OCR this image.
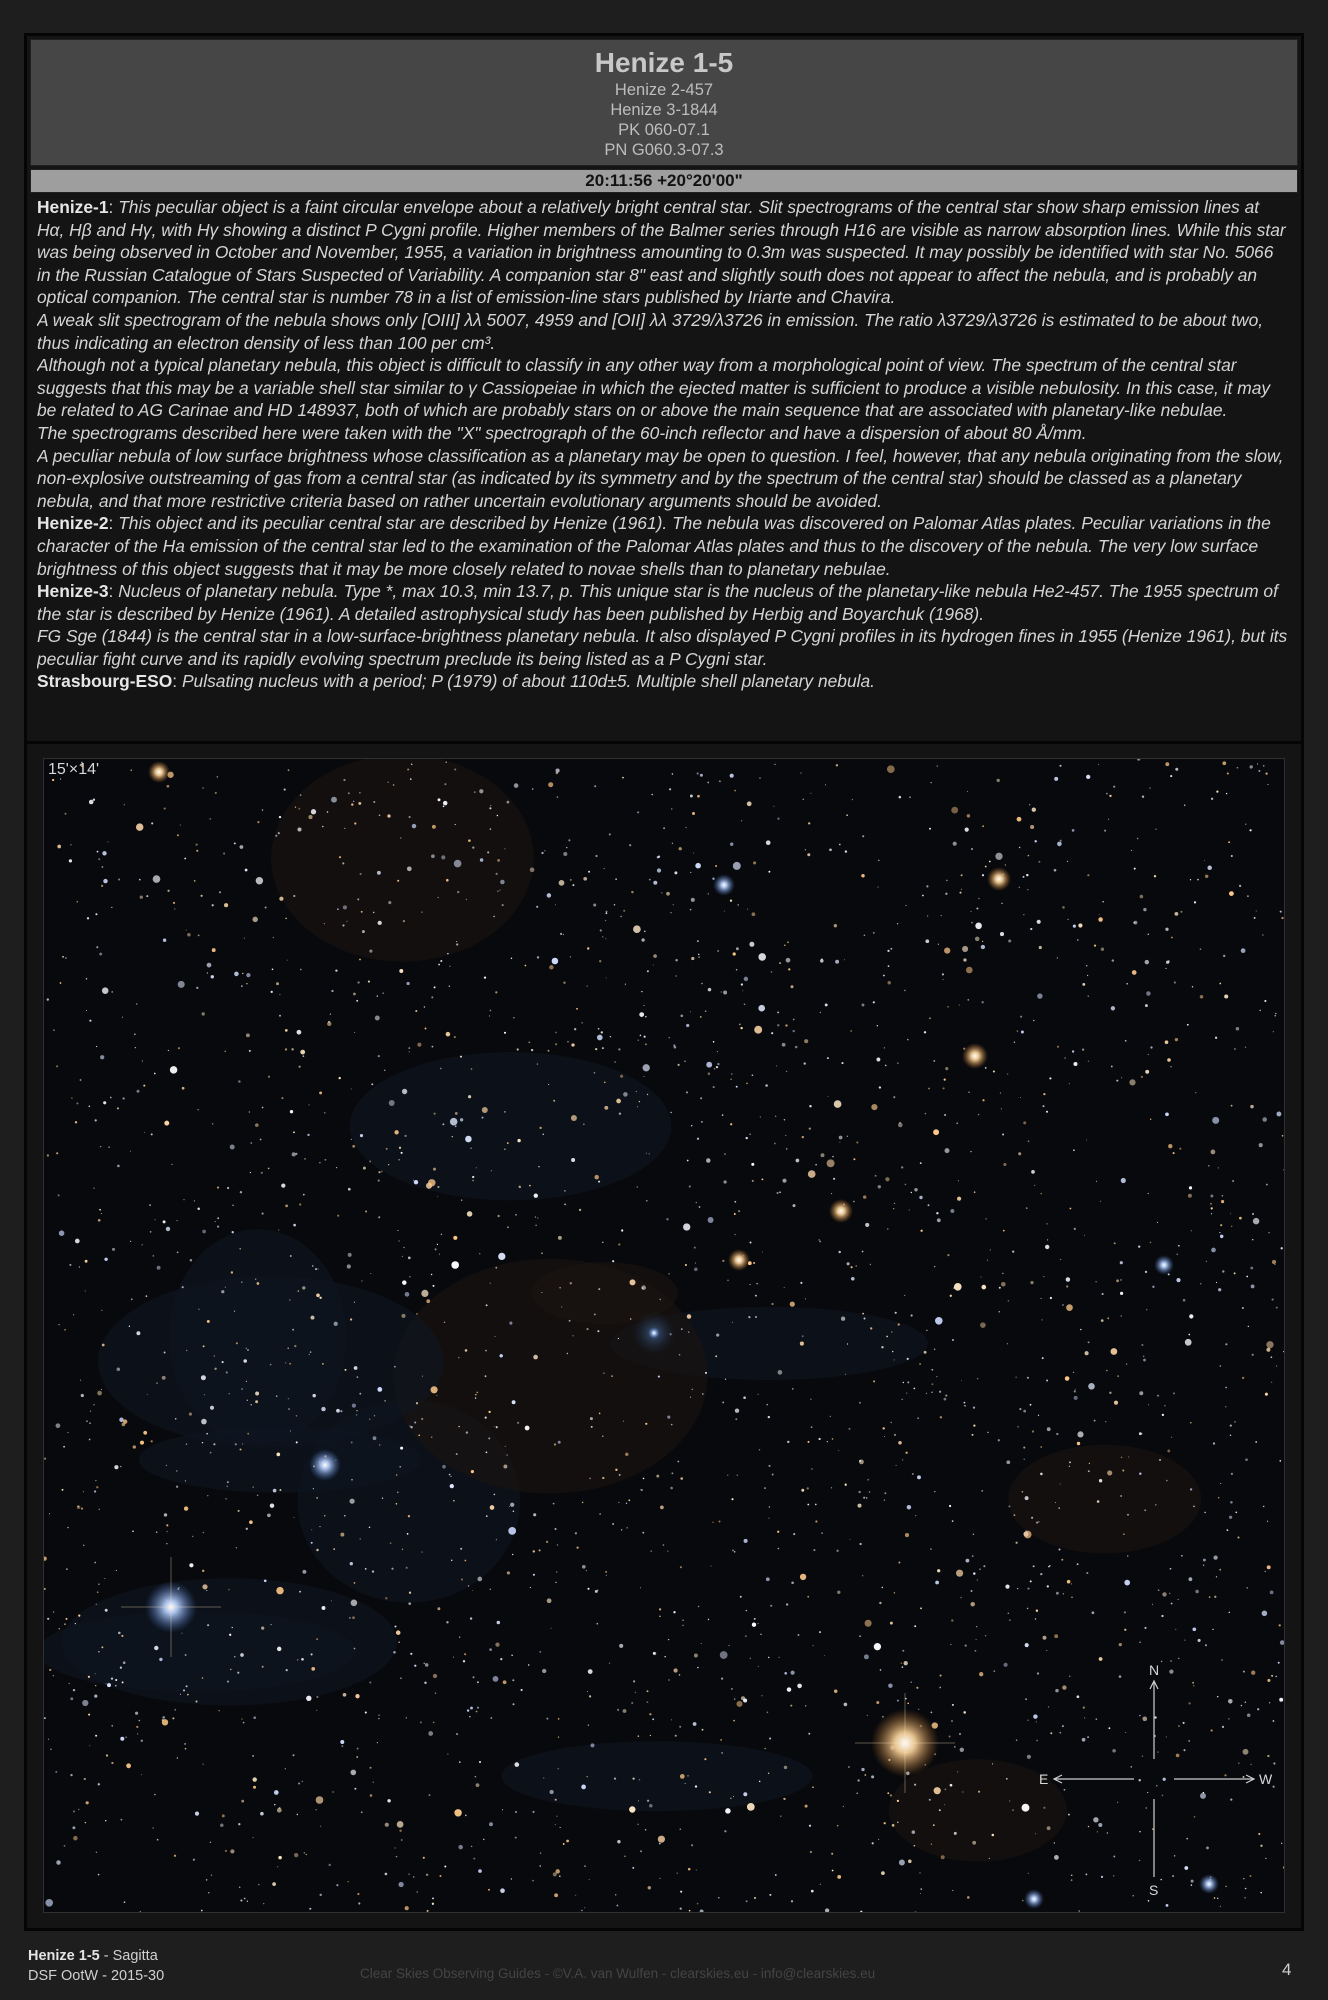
Henize 1-5
Henize 2-457
Henize 3-1844
PK 060-07.1
PN G060.3-07.3
20:11:56 +20°20'00"

Henize-1: This peculiar object is a faint circular envelope about a relatively bright central star. Slit spectrograms of the central star show sharp emission lines at Hα, Hβ and Hγ, with Hγ showing a distinct P Cygni profile. Higher members of the Balmer series through H16 are visible as narrow absorption lines. While this star was being observed in October and November, 1955, a variation in brightness amounting to 0.3m was suspected. It may possibly be identified with star No. 5066 in the Russian Catalogue of Stars Suspected of Variability. A companion star 8" east and slightly south does not appear to affect the nebula, and is probably an optical companion. The central star is number 78 in a list of emission-line stars published by Iriarte and Chavira.

A weak slit spectrogram of the nebula shows only [OIII] λλ 5007, 4959 and [OII] λλ 3729/λ3726 in emission. The ratio λ3729/λ3726 is estimated to be about two, thus indicating an electron density of less than 100 per cm³.

Although not a typical planetary nebula, this object is difficult to classify in any other way from a morphological point of view. The spectrum of the central star suggests that this may be a variable shell star similar to γ Cassiopeiae in which the ejected matter is sufficient to produce a visible nebulosity. In this case, it may be related to AG Carinae and HD 148937, both of which are probably stars on or above the main sequence that are associated with planetary-like nebulae.

The spectrograms described here were taken with the "X" spectrograph of the 60-inch reflector and have a dispersion of about 80 Å/mm.

A peculiar nebula of low surface brightness whose classification as a planetary may be open to question. I feel, however, that any nebula originating from the slow, non-explosive outstreaming of gas from a central star (as indicated by its symmetry and by the spectrum of the central star) should be classed as a planetary nebula, and that more restrictive criteria based on rather uncertain evolutionary arguments should be avoided.

Henize-2: This object and its peculiar central star are described by Henize (1961). The nebula was discovered on Palomar Atlas plates. Peculiar variations in the character of the Ha emission of the central star led to the examination of the Palomar Atlas plates and thus to the discovery of the nebula. The very low surface brightness of this object suggests that it may be more closely related to novae shells than to planetary nebulae.

Henize-3: Nucleus of planetary nebula. Type *, max 10.3, min 13.7, p. This unique star is the nucleus of the planetary-like nebula He2-457. The 1955 spectrum of the star is described by Henize (1961). A detailed astrophysical study has been published by Herbig and Boyarchuk (1968).

FG Sge (1844) is the central star in a low-surface-brightness planetary nebula. It also displayed P Cygni profiles in its hydrogen fines in 1955 (Henize 1961), but its peculiar fight curve and its rapidly evolving spectrum preclude its being listed as a P Cygni star.

Strasbourg-ESO: Pulsating nucleus with a period; P (1979) of about 110d±5. Multiple shell planetary nebula.

N
E	W
S
15'×14'
Henize 1-5 - Sagitta
DSF OotW - 2015-30	Clear Skies Observing Guides - ©V.A. van Wulfen - clearskies.eu - info@clearskies.eu	4
